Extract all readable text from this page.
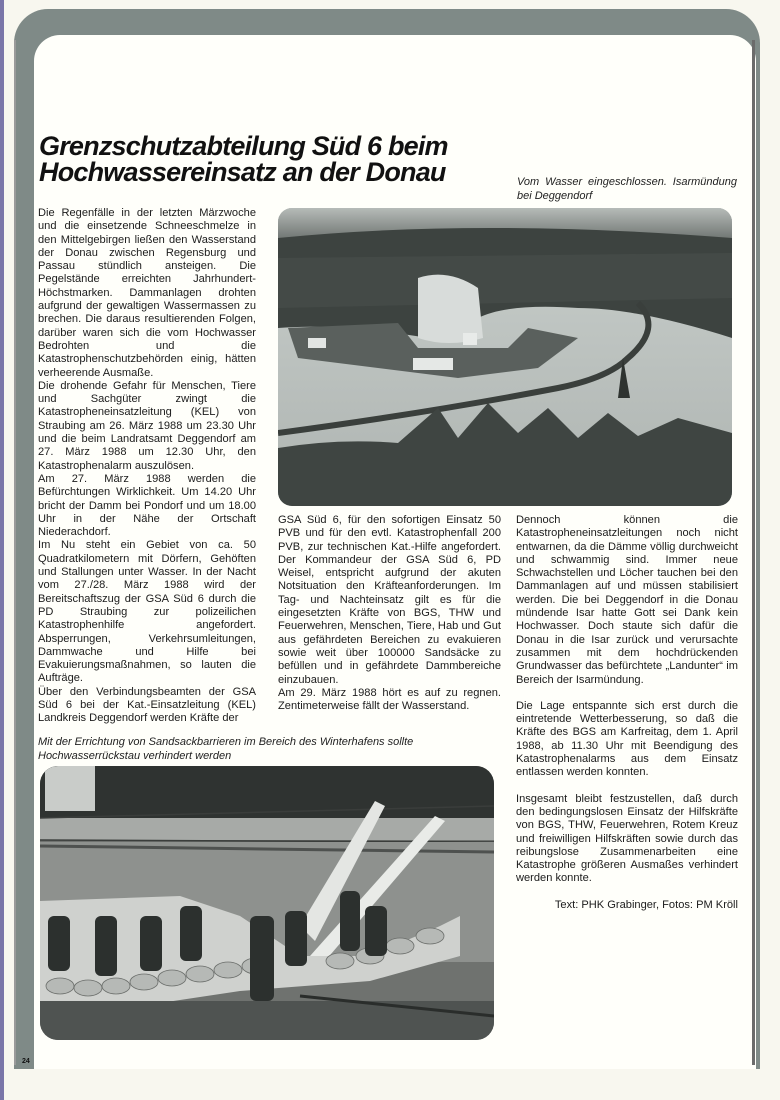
Grenzschutzabteilung Süd 6 beim Hochwassereinsatz an der Donau	Vom Wasser eingeschlossen. Isarmündung bei Deggendorf

Die Regenfälle in der letzten Märzwoche und die einsetzende Schneeschmelze in den Mittelgebirgen ließen den Wasserstand der Donau zwischen Regensburg und Passau stündlich ansteigen. Die Pegelstände erreichten Jahrhundert-Höchstmarken. Dammanlagen drohten aufgrund der gewaltigen Wassermassen zu brechen. Die daraus resultierenden Folgen, darüber waren sich die vom Hochwasser Bedrohten und die Katastrophenschutzbehörden einig, hätten verheerende Ausmaße.

Die drohende Gefahr für Menschen, Tiere und Sachgüter zwingt die Katastropheneinsatzleitung (KEL) von Straubing am 26. März 1988 um 23.30 Uhr und die beim Landratsamt Deggendorf am 27. März 1988 um 12.30 Uhr, den Katastrophenalarm auszulösen.

Am 27. März 1988 werden die Befürchtungen Wirklichkeit. Um 14.20 Uhr bricht der Damm bei Pondorf und um 18.00 Uhr in der Nähe der Ortschaft Niederachdorf.

Im Nu steht ein Gebiet von ca. 50 Quadratkilometern mit Dörfern, Gehöften und Stallungen unter Wasser. In der Nacht vom 27./28. März 1988 wird der Bereitschaftszug der GSA Süd 6 durch die PD Straubing zur polizeilichen Katastrophenhilfe angefordert. Absperrungen, Verkehrsumleitungen, Dammwache und Hilfe bei Evakuierungsmaßnahmen, so lauten die Aufträge.

Über den Verbindungsbeamten der GSA Süd 6 bei der Kat.-Einsatzleitung (KEL) Landkreis Deggendorf werden Kräfte der

GSA Süd 6, für den sofortigen Einsatz 50 PVB und für den evtl. Katastrophenfall 200 PVB, zur technischen Kat.-Hilfe angefordert. Der Kommandeur der GSA Süd 6, PD Weisel, entspricht aufgrund der akuten Notsituation den Kräfteanforderungen. Im Tag- und Nachteinsatz gilt es für die eingesetzten Kräfte von BGS, THW und Feuerwehren, Menschen, Tiere, Hab und Gut aus gefährdeten Bereichen zu evakuieren sowie weit über 100000 Sandsäcke zu befüllen und in gefährdete Dammbereiche einzubauen.

Am 29. März 1988 hört es auf zu regnen. Zentimeterweise fällt der Wasserstand.

Dennoch können die Katastropheneinsatzleitungen noch nicht entwarnen, da die Dämme völlig durchweicht und schwammig sind. Immer neue Schwachstellen und Löcher tauchen bei den Dammanlagen auf und müssen stabilisiert werden. Die bei Deggendorf in die Donau mündende Isar hatte Gott sei Dank kein Hochwasser. Doch staute sich dafür die Donau in die Isar zurück und verursachte zusammen mit dem hochdrückenden Grundwasser das befürchtete „Landunter“ im Bereich der Isarmündung.

Die Lage entspannte sich erst durch die eintretende Wetterbesserung, so daß die Kräfte des BGS am Karfreitag, dem 1. April 1988, ab 11.30 Uhr mit Beendigung des Katastrophenalarms aus dem Einsatz entlassen werden konnten.

Insgesamt bleibt festzustellen, daß durch den bedingungslosen Einsatz der Hilfskräfte von BGS, THW, Feuerwehren, Rotem Kreuz und freiwilligen Hilfskräften sowie durch das reibungslose Zusammenarbeiten eine Katastrophe größeren Ausmaßes verhindert werden konnte.

Text: PHK Grabinger, Fotos: PM Kröll

Mit der Errichtung von Sandsackbarrieren im Bereich des Winterhafens sollte Hochwasserrückstau verhindert werden
24
